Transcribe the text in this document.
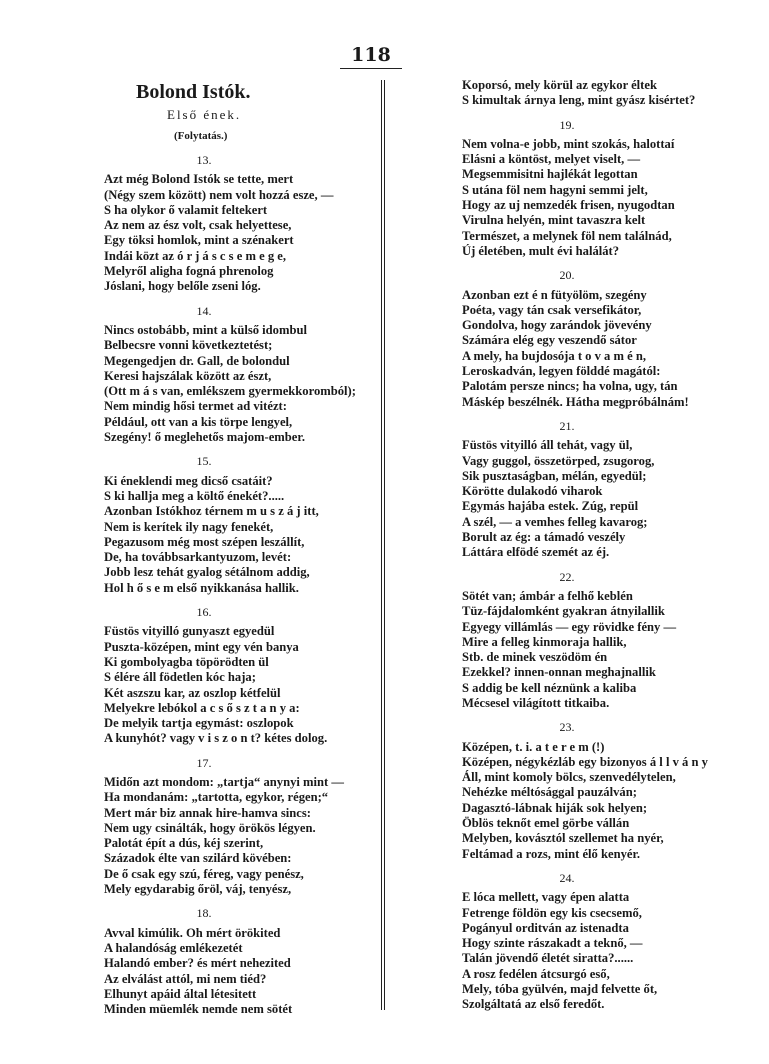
118
Bolond Istók.
Első ének.
(Folytatás.)
13.
Azt még Bolond Istók se tette, mert
(Négy szem között) nem volt hozzá esze, —
S ha olykor ő valamit feltekert
Az nem az ész volt, csak helyettese,
Egy töksi homlok, mint a szénakert
Indái közt az ó r j á s c s e m e g e,
Melyről aligha fogná phrenolog
Jóslani, hogy belőle zseni lóg.
14.
Nincs ostobább, mint a külső idombul
Belbecsre vonni következtetést;
Megengedjen dr. Gall, de bolondul
Keresi hajszálak között az észt,
(Ott m á s van, emlékszem gyermekkoromból);
Nem mindig hősi termet ad vitézt:
Például, ott van a kis törpe lengyel,
Szegény! ő meglehetős majom-ember.
15.
Ki éneklendi meg dicső csatáit?
S ki hallja meg a költő énekét?.....
Azonban Istókhoz térnem m u s z á j itt,
Nem is kerítek ily nagy fenekét,
Pegazusom még most szépen leszállít,
De, ha továbbsarkantyuzom, levét:
Jobb lesz tehát gyalog sétálnom addig,
Hol h ő s e m első nyikkanása hallik.
16.
Füstös vityilló gunyaszt egyedül
Puszta-középen, mint egy vén banya
Ki gombolyagba töpörödten ül
S élére áll födetlen kóc haja;
Két aszszu kar, az oszlop kétfelül
Melyekre lebókol a c s ő s z t a n y a:
De melyik tartja egymást: oszlopok
A kunyhót? vagy v i s z o n t? kétes dolog.
17.
Midőn azt mondom: „tartja“ anynyi mint —
Ha mondanám: „tartotta, egykor, régen;“
Mert már biz annak hire-hamva sincs:
Nem ugy csinálták, hogy örökös légyen.
Palotát épít a dús, kéj szerint,
Századok élte van szilárd kövében:
De ő csak egy szú, féreg, vagy penész,
Mely egydarabig őröl, váj, tenyész,
18.
Avval kimúlik. Oh mért örökited
A halandóság emlékezetét
Halandó ember? és mért nehezited
Az elválást attól, mi nem tiéd?
Elhunyt apáid által létesitett
Minden müemlék nemde nem sötét
Koporsó, mely körül az egykor éltek
S kimultak árnya leng, mint gyász kisértet?
19.
Nem volna-e jobb, mint szokás, halottaí
Elásni a köntöst, melyet viselt, —
Megsemmisitni hajlékát legottan
S utána föl nem hagyni semmi jelt,
Hogy az uj nemzedék frisen, nyugodtan
Virulna helyén, mint tavaszra kelt
Természet, a melynek föl nem találnád,
Új életében, mult évi halálát?
20.
Azonban ezt é n fütyölöm, szegény
Poéta, vagy tán csak versefikátor,
Gondolva, hogy zarándok jövevény
Számára elég egy veszendő sátor
A mely, ha bujdosója t o v a m é n,
Leroskadván, legyen földdé magától:
Palotám persze nincs; ha volna, ugy, tán
Máskép beszélnék. Hátha megpróbálnám!
21.
Füstös vityilló áll tehát, vagy ül,
Vagy guggol, összetörped, zsugorog,
Sik pusztaságban, mélán, egyedül;
Körötte dulakodó viharok
Egymás hajába estek. Zúg, repül
A szél, — a vemhes felleg kavarog;
Borult az ég: a támadó veszély
Láttára elfödé szemét az éj.
22.
Sötét van; ámbár a felhő keblén
Tüz-fájdalomként gyakran átnyilallik
Egyegy villámlás — egy rövidke fény —
Mire a felleg kinmoraja hallik,
Stb. de minek veszödöm én
Ezekkel? innen-onnan meghajnallik
S addig be kell néznünk a kaliba
Mécsesel világított titkaiba.
23.
Középen, t. i. a t e r e m (!)
Középen, négykézláb egy bizonyos á l l v á n y
Áll, mint komoly bölcs, szenvedélytelen,
Nehézke méltósággal pauzálván;
Dagasztó-lábnak hiják sok helyen;
Öblös teknőt emel görbe vállán
Melyben, kovásztól szellemet ha nyér,
Feltámad a rozs, mint élő kenyér.
24.
E lóca mellett, vagy épen alatta
Fetrenge földön egy kis csecsemő,
Pogányul orditván az istenadta
Hogy szinte rászakadt a teknő, —
Talán jövendő életét siratta?......
A rosz fedélen átcsurgó eső,
Mely, tóba gyülvén, majd felvette őt,
Szolgáltatá az első feredőt.
